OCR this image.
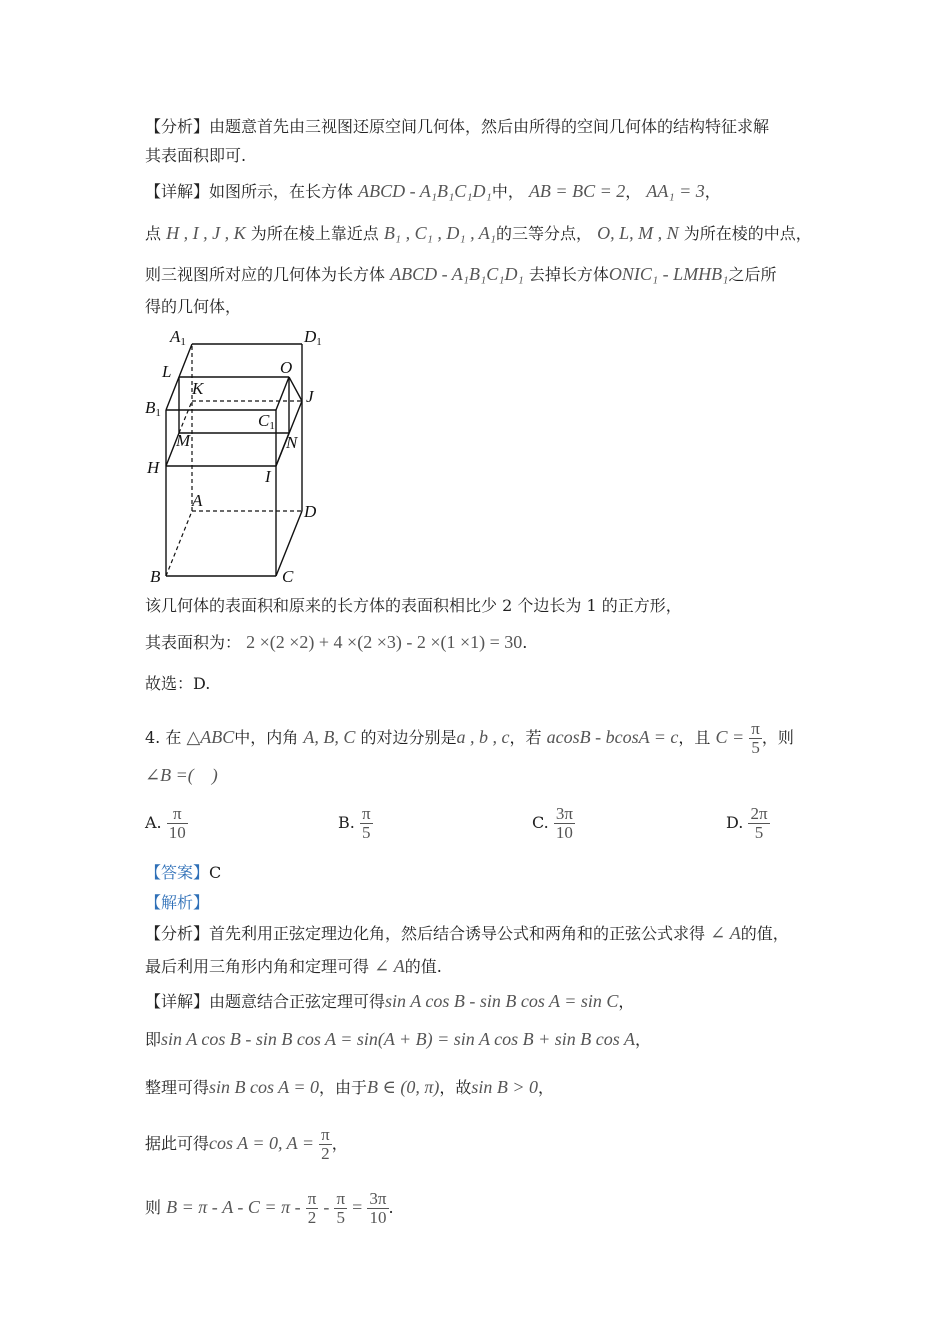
【分析】由题意首先由三视图还原空间几何体，然后由所得的空间几何体的结构特征求解
其表面积即可.
【详解】如图所示，在长方体 ABCD - A₁B₁C₁D₁中， AB = BC = 2， AA₁ = 3，
点 H , I , J , K 为所在棱上靠近点 B₁ , C₁ , D₁ , A₁的三等分点， O, L, M , N 为所在棱的中点，
则三视图所对应的几何体为长方体 ABCD - A₁B₁C₁D₁ 去掉长方体ONIC₁ - LMHB₁之后所
得的几何体，
A1	D1
O
L
K	J
B1	C1
M	N
H	I
A
D
B	C
该几何体的表面积和原来的长方体的表面积相比少 2 个边长为 1 的正方形，
其表面积为： 2 ×(2 ×2) + 4 ×(2 ×3) - 2 ×(1 ×1) = 30.
故选：D.
4. 在 △ABC中，内角 A, B, C 的对边分别是a , b , c，若 acosB - bcosA = c，且 $C = \frac{\pi}{5}$ ，则
∠B =(　)
A. $\frac{\pi}{10}$	B. $\frac{\pi}{5}$	C. $\frac{3\pi}{10}$	D. $\frac{2\pi}{5}$
【答案】C
【解析】
【分析】首先利用正弦定理边化角，然后结合诱导公式和两角和的正弦公式求得 ∠ A的值，
最后利用三角形内角和定理可得 ∠ A的值.
【详解】由题意结合正弦定理可得sin A cos B - sin B cos A = sin C，
即sin A cos B - sin B cos A = sin(A + B) = sin A cos B + sin B cos A，
整理可得sin B cos A = 0，由于B ∈ (0, π)，故sin B > 0，
据此可得cos A = 0, $A = \frac{\pi}{2}$ ，
则 $B = \pi - A - C = \pi - \frac{\pi}{2} - \frac{\pi}{5} = \frac{3\pi}{10}$ .
